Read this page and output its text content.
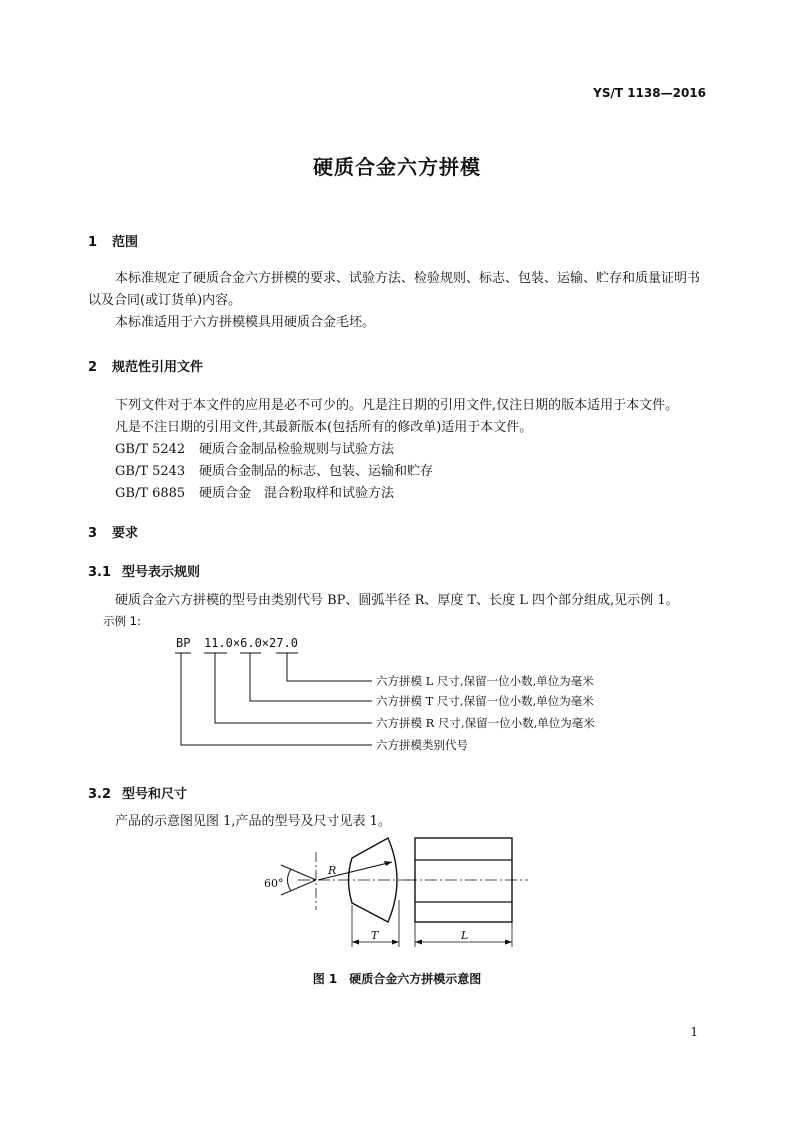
YS/T 1138—2016
硬质合金六方拼模
1 范围
本标准规定了硬质合金六方拼模的要求、试验方法、检验规则、标志、包装、运输、贮存和质量证明书
以及合同(或订货单)内容。
本标准适用于六方拼模模具用硬质合金毛坯。
2 规范性引用文件
下列文件对于本文件的应用是必不可少的。凡是注日期的引用文件,仅注日期的版本适用于本文件。
凡是不注日期的引用文件,其最新版本(包括所有的修改单)适用于本文件。
GB/T 5242 硬质合金制品检验规则与试验方法
GB/T 5243 硬质合金制品的标志、包装、运输和贮存
GB/T 6885 硬质合金　混合粉取样和试验方法
3 要求
3.1 型号表示规则
硬质合金六方拼模的型号由类别代号 BP、圆弧半径 R、厚度 T、长度 L 四个部分组成,见示例 1。
示例 1:
BP 11.0×6.0×27.0
六方拼模 L 尺寸,保留一位小数,单位为毫米
六方拼模 T 尺寸,保留一位小数,单位为毫米
六方拼模 R 尺寸,保留一位小数,单位为毫米
六方拼模类别代号
3.2 型号和尺寸
产品的示意图见图 1,产品的型号及尺寸见表 1。
60°
R
T	L
图 1　硬质合金六方拼模示意图
1
